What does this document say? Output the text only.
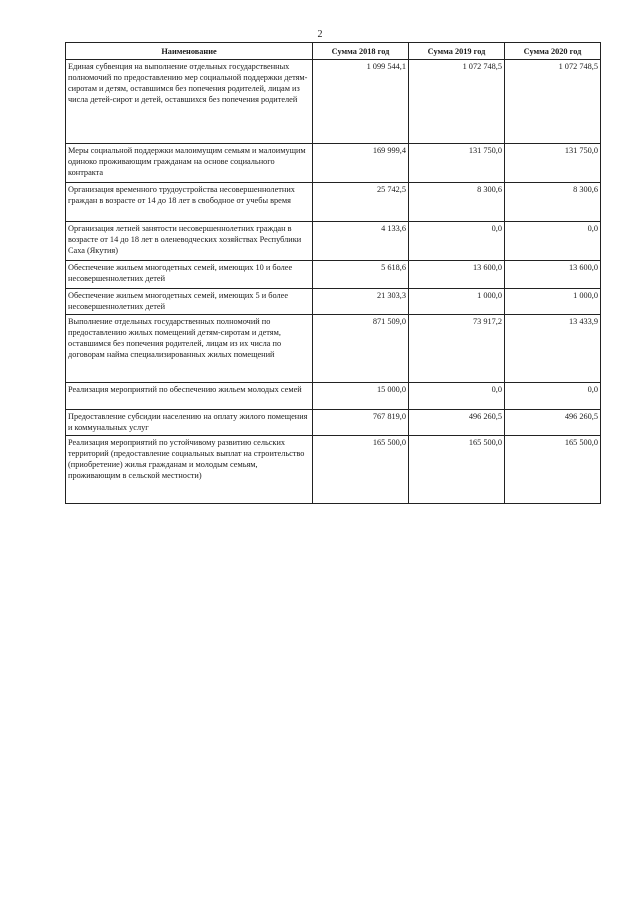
2
Наименование	Сумма 2018 год	Сумма 2019 год	Сумма 2020 год
Единая субвенция на выполнение отдельных государственных полномочий по предоставлению мер социальной поддержки детям-сиротам и детям, оставшимся без попечения родителей, лицам из числа детей-сирот и детей, оставшихся без попечения родителей	1 099 544,1	1 072 748,5	1 072 748,5
Меры социальной поддержки малоимущим семьям и малоимущим одиноко проживающим гражданам на основе социального контракта	169 999,4	131 750,0	131 750,0
Организация временного трудоустройства несовершеннолетних граждан в возрасте от 14 до 18 лет в свободное от учебы время	25 742,5	8 300,6	8 300,6
Организация летней занятости несовершеннолетних граждан в возрасте от 14 до 18 лет в оленеводческих хозяйствах Республики Саха (Якутия)	4 133,6	0,0	0,0
Обеспечение жильем многодетных семей, имеющих 10 и более несовершеннолетних детей	5 618,6	13 600,0	13 600,0
Обеспечение жильем многодетных семей, имеющих 5 и более несовершеннолетних детей	21 303,3	1 000,0	1 000,0
Выполнение отдельных государственных полномочий по предоставлению жилых помещений детям-сиротам и детям, оставшимся без попечения родителей, лицам из их числа по договорам найма специализированных жилых помещений	871 509,0	73 917,2	13 433,9
Реализация мероприятий по обеспечению жильем молодых семей	15 000,0	0,0	0,0
Предоставление субсидии населению на оплату жилого помещения и коммунальных услуг	767 819,0	496 260,5	496 260,5
Реализация мероприятий по устойчивому развитию сельских территорий (предоставление социальных выплат на строительство (приобретение) жилья гражданам и молодым семьям, проживающим в сельской местности)	165 500,0	165 500,0	165 500,0
